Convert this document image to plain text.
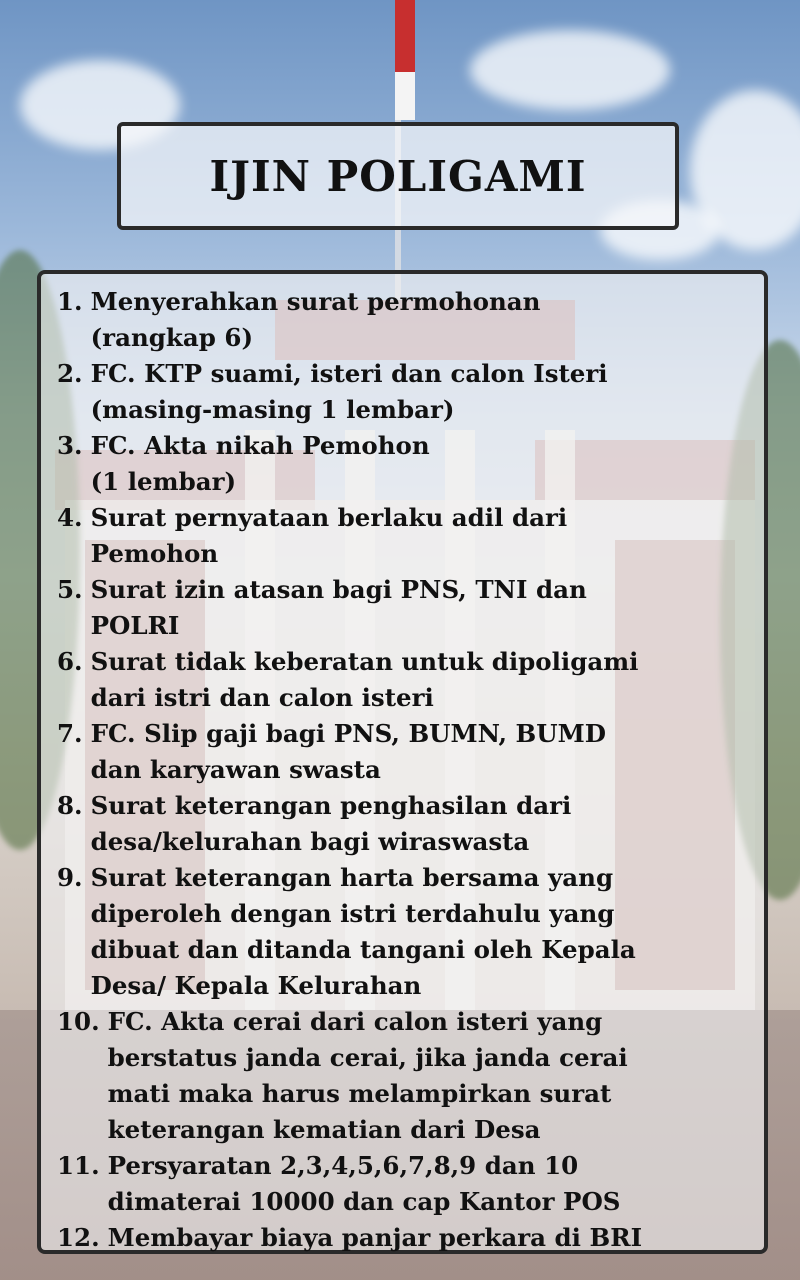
IJIN POLIGAMI
1. Menyerahkan surat permohonan
(rangkap 6)
2. FC. KTP suami, isteri dan calon Isteri
(masing-masing 1 lembar)
3. FC. Akta nikah Pemohon
(1 lembar)
4. Surat pernyataan berlaku adil dari
Pemohon
5. Surat izin atasan bagi PNS, TNI dan
POLRI
6. Surat tidak keberatan untuk dipoligami
dari istri dan calon isteri
7. FC. Slip gaji bagi PNS, BUMN, BUMD
dan karyawan swasta
8. Surat keterangan penghasilan dari
desa/kelurahan bagi wiraswasta
9. Surat keterangan harta bersama yang
diperoleh dengan istri terdahulu yang
dibuat dan ditanda tangani oleh Kepala
Desa/ Kepala Kelurahan
10. FC. Akta cerai dari calon isteri yang
berstatus janda cerai, jika janda cerai
mati maka harus melampirkan surat
keterangan kematian dari Desa
11. Persyaratan 2,3,4,5,6,7,8,9 dan 10
dimaterai 10000 dan cap Kantor POS
12. Membayar biaya panjar perkara di BRI
